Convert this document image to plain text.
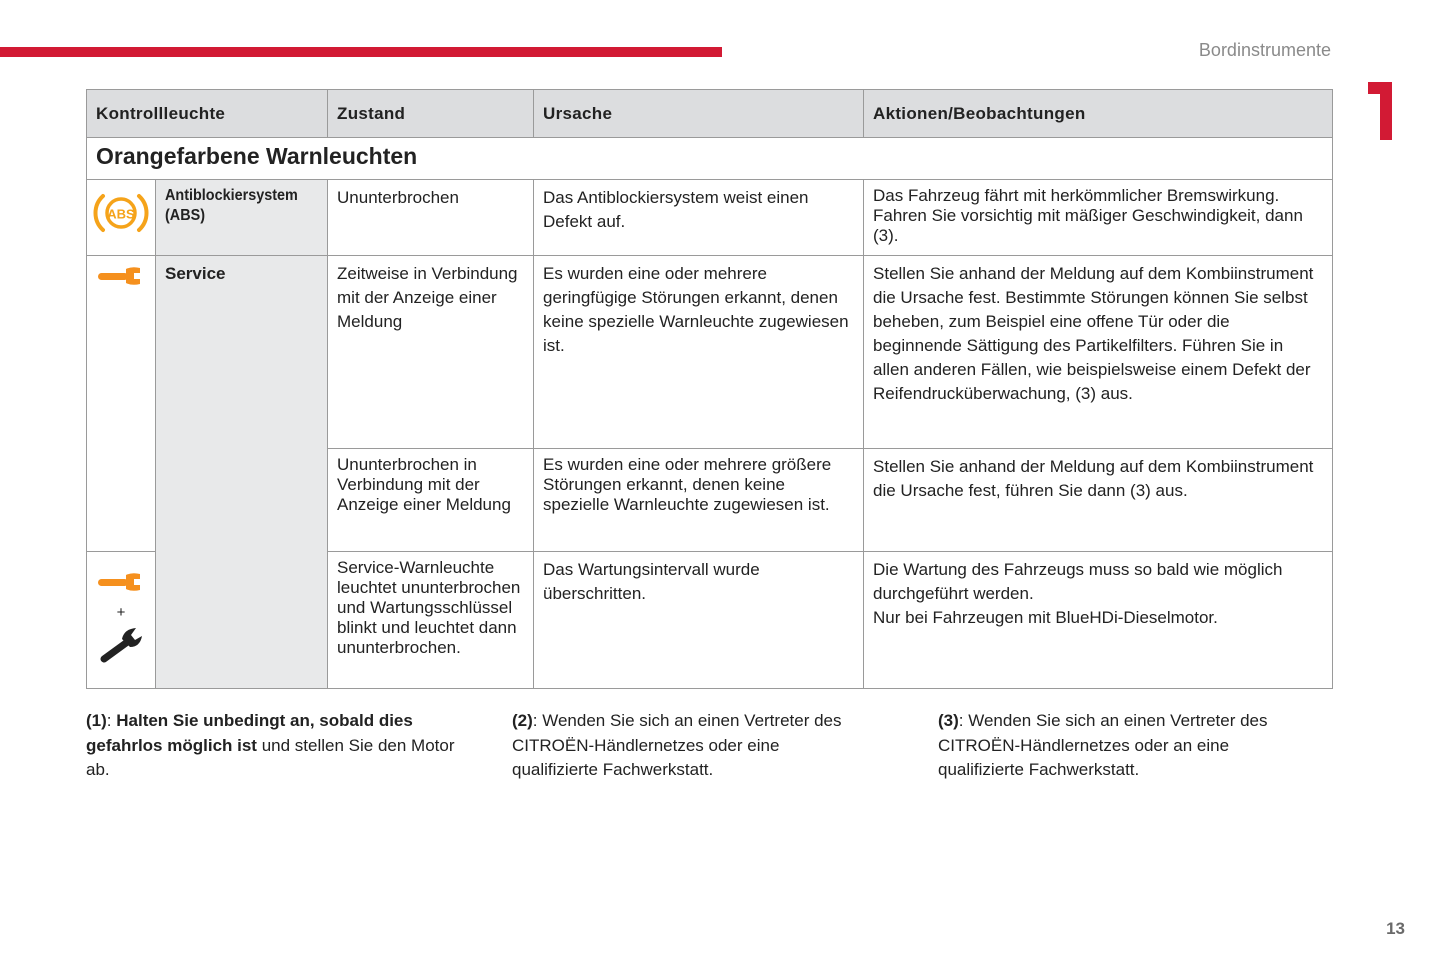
Bordinstrumente
Kontrollleuchte		Zustand	Ursache	Aktionen/Beobachtungen
Orangefarbene Warnleuchten				

ABS	Antiblockiersystem (ABS)	Ununterbrochen	Das Antiblockiersystem weist einen Defekt auf.	Das Fahrzeug fährt mit herkömmlicher Bremswirkung. Fahren Sie vorsichtig mit mäßiger Geschwindigkeit, dann (3).
	Service	Zeitweise in Verbindung mit der Anzeige einer Meldung	Es wurden eine oder mehrere geringfügige Störungen erkannt, denen keine spezielle Warnleuchte zugewiesen ist.	Stellen Sie anhand der Meldung auf dem Kombiinstrument die Ursache fest. Bestimmte Störungen können Sie selbst beheben, zum Beispiel eine offene Tür oder die beginnende Sättigung des Partikelfilters. Führen Sie in allen anderen Fällen, wie beispielsweise einem Defekt der Reifendrucküberwachung, (3) aus.
		Ununterbrochen in Verbindung mit der Anzeige einer Meldung	Es wurden eine oder mehrere größere Störungen erkannt, denen keine spezielle Warnleuchte zugewiesen ist.	Stellen Sie anhand der Meldung auf dem Kombiinstrument die Ursache fest, führen Sie dann (3) aus.

+		Service-Warnleuchte leuchtet ununterbrochen und Wartungsschlüssel blinkt und leuchtet dann ununterbrochen.	Das Wartungsintervall wurde überschritten.	Die Wartung des Fahrzeugs muss so bald wie möglich durchgeführt werden.
Nur bei Fahrzeugen mit BlueHDi-Dieselmotor.
(1): Halten Sie unbedingt an, sobald dies gefahrlos möglich ist und stellen Sie den Motor ab.
(2): Wenden Sie sich an einen Vertreter des CITROËN-Händlernetzes oder eine qualifizierte Fachwerkstatt.
(3): Wenden Sie sich an einen Vertreter des CITROËN-Händlernetzes oder an eine qualifizierte Fachwerkstatt.
13
